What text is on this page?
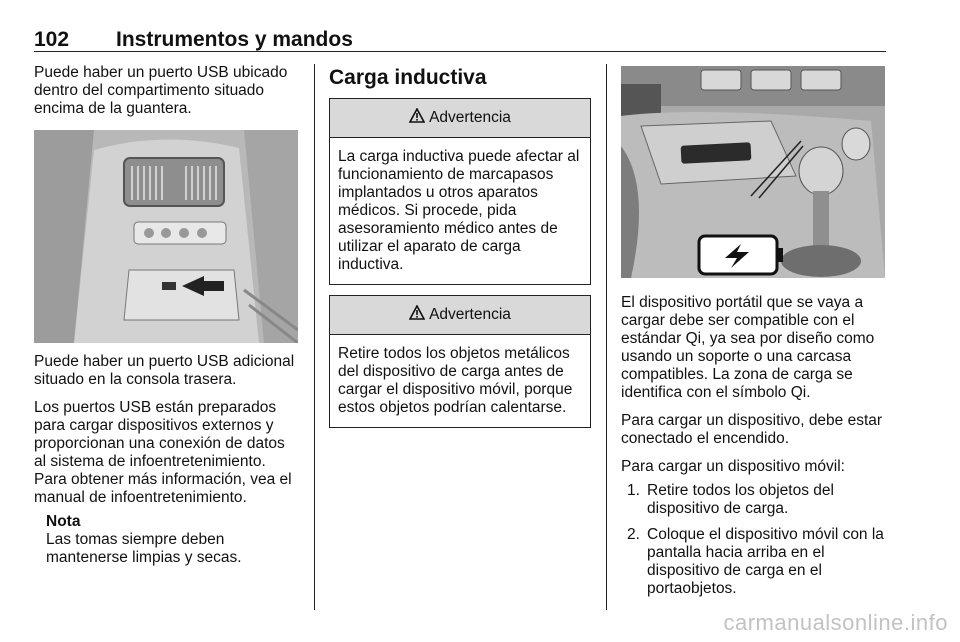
102 Instrumentos y mandos

Puede haber un puerto USB ubicado dentro del compartimento situado encima de la guantera.

Puede haber un puerto USB adicional situado en la consola trasera.

Los puertos USB están preparados para cargar dispositivos externos y proporcionan una conexión de datos al sistema de infoentretenimiento. Para obtener más información, vea el manual de infoentretenimiento.

Nota

Las tomas siempre deben mantenerse limpias y secas.

Carga inductiva
Advertencia

La carga inductiva puede afectar al funcionamiento de marcapasos implantados u otros aparatos médicos. Si procede, pida asesoramiento médico antes de utilizar el aparato de carga inductiva.

Advertencia

Retire todos los objetos metálicos del dispositivo de carga antes de cargar el dispositivo móvil, porque estos objetos podrían calentarse.

El dispositivo portátil que se vaya a cargar debe ser compatible con el estándar Qi, ya sea por diseño como usando un soporte o una carcasa compatibles. La zona de carga se identifica con el símbolo Qi.

Para cargar un dispositivo, debe estar conectado el encendido.

Para cargar un dispositivo móvil:

1. Retire todos los objetos del dispositivo de carga.
2. Coloque el dispositivo móvil con la pantalla hacia arriba en el dispositivo de carga en el portaobjetos.
carmanualsonline.info
